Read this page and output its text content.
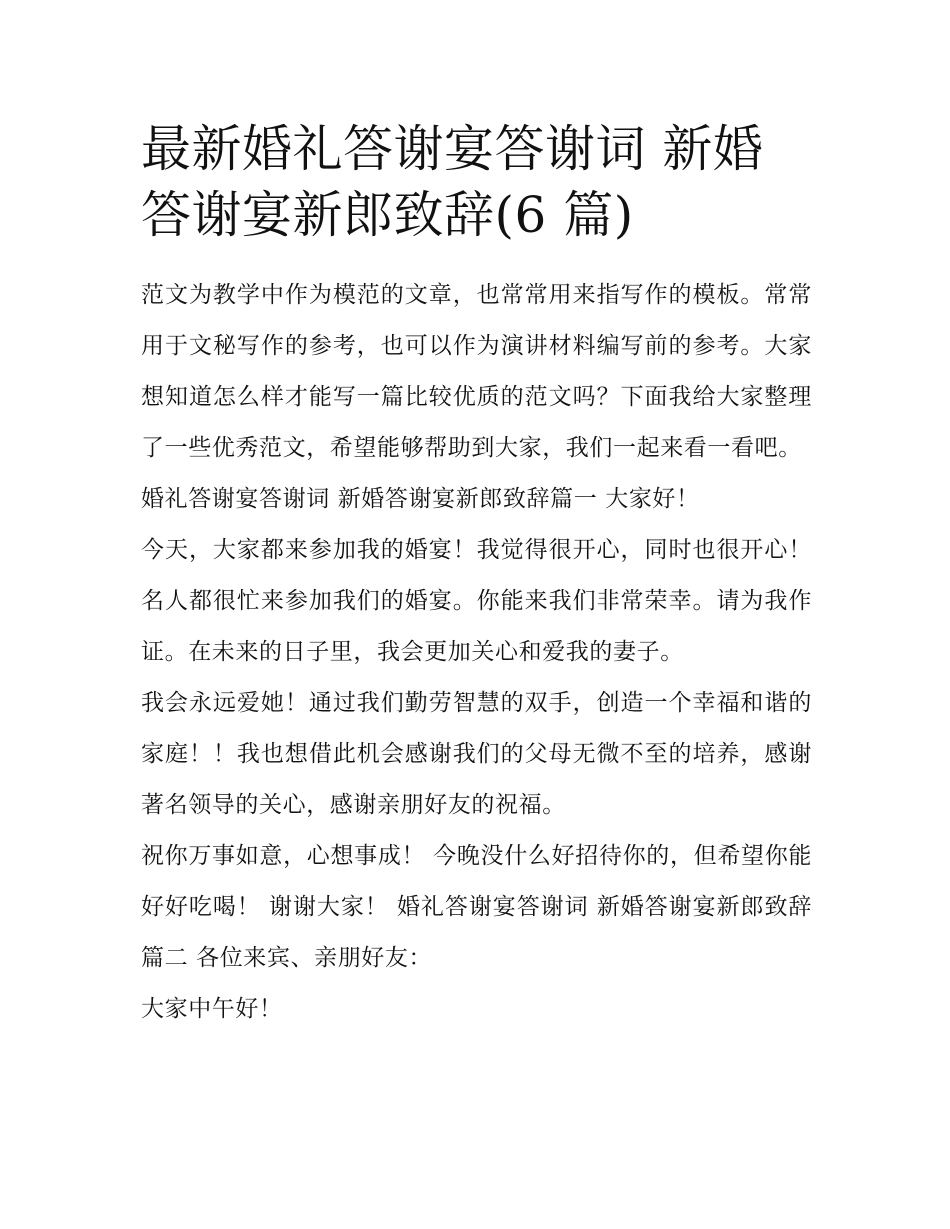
最新婚礼答谢宴答谢词 新婚答谢宴新郎致辞(6 篇)

范文为教学中作为模范的文章，也常常用来指写作的模板。常常用于文秘写作的参考，也可以作为演讲材料编写前的参考。大家想知道怎么样才能写一篇比较优质的范文吗？下面我给大家整理了一些优秀范文，希望能够帮助到大家，我们一起来看一看吧。

婚礼答谢宴答谢词 新婚答谢宴新郎致辞篇一 大家好！

今天，大家都来参加我的婚宴！我觉得很开心，同时也很开心！名人都很忙来参加我们的婚宴。你能来我们非常荣幸。请为我作证。在未来的日子里，我会更加关心和爱我的妻子。

我会永远爱她！通过我们勤劳智慧的双手，创造一个幸福和谐的家庭！！我也想借此机会感谢我们的父母无微不至的培养，感谢著名领导的关心，感谢亲朋好友的祝福。

祝你万事如意，心想事成！ 今晚没什么好招待你的，但希望你能好好吃喝！ 谢谢大家！ 婚礼答谢宴答谢词 新婚答谢宴新郎致辞篇二 各位来宾、亲朋好友：

大家中午好！
